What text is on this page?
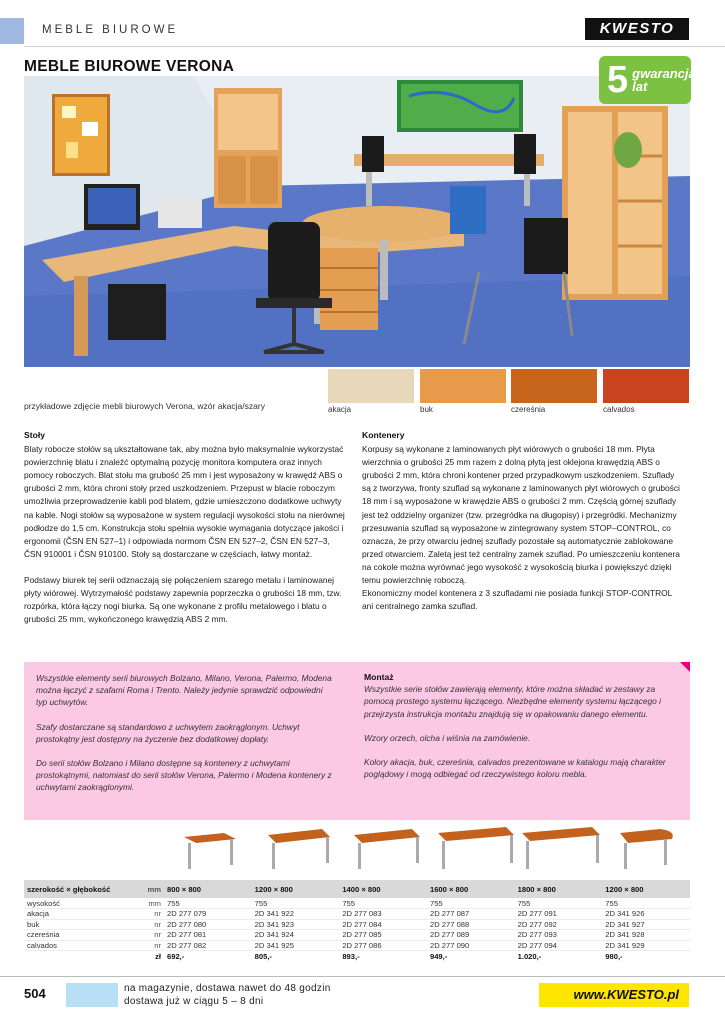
MEBLE BIUROWE	KWESTO
MEBLE BIUROWE VERONA	5 gwarancja
lat
przykładowe zdjęcie mebli biurowych Verona, wzór akacja/szary	akacja	buk	czereśnia	calvados
Stoły

Blaty robocze stołów są ukształtowane tak, aby można było maksymalnie wykorzystać powierzchnię blatu i znaleźć optymalną pozycję monitora komputera oraz innych pomocy roboczych. Blat stołu ma grubość 25 mm i jest wyposażony w krawędź ABS o grubości 2 mm, która chroni stoły przed uszkodzeniem. Przepust w blacie roboczym umożliwia przeprowadzenie kabli pod blatem, gdzie umieszczono dodatkowe uchwyty na kable. Nogi stołów są wyposażone w system regulacji wysokości stołu na nierównej podłodze do 1,5 cm. Konstrukcja stołu spełnia wysokie wymagania dotyczące jakości i ergonomii (ČSN EN 527–1) i odpowiada normom ČSN EN 527–2, ČSN EN 527–3, ČSN 910001 i ČSN 910100. Stoły są dostarczane w częściach, łatwy montaż.

Podstawy biurek tej serii odznaczają się połączeniem szarego metalu i laminowanej płyty wiórowej. Wytrzymałość podstawy zapewnia poprzeczka o grubości 18 mm, tzw. rozpórka, która łączy nogi biurka. Są one wykonane z profilu metalowego i blatu o grubości 25 mm, wykończonego krawędzią ABS 2 mm.

Kontenery

Korpusy są wykonane z laminowanych płyt wiórowych o grubości 18 mm. Płyta wierzchnia o grubości 25 mm razem z dolną płytą jest oklejona krawędzią ABS o grubości 2 mm, która chroni kontener przed przypadkowym uszkodzeniem. Szuflady są z tworzywa, fronty szuflad są wykonane z laminowanych płyt wiórowych o grubości 18 mm i są wyposażone w krawędzie ABS o grubości 2 mm. Częścią górnej szuflady jest też oddzielny organizer (tzw. przegródka na długopisy) i przegródki. Mechanizmy przesuwania szuflad są wyposażone w zintegrowany system STOP–CONTROL, co oznacza, że przy otwarciu jednej szuflady pozostałe są automatycznie zablokowane przed otwarciem. Zaletą jest też centralny zamek szuflad. Po umieszczeniu kontenera na cokole można wyrównać jego wysokość z wysokością biurka i powiększyć dzięki temu powierzchnię roboczą.

Ekonomiczny model kontenera z 3 szufladami nie posiada funkcji STOP-CONTROL ani centralnego zamka szuflad.

Wszystkie elementy serii biurowych Bolzano, Milano, Verona, Palermo, Modena można łączyć z szafami Roma i Trento. Należy jedynie sprawdzić odpowiedni typ uchwytów.

Szafy dostarczane są standardowo z uchwytem zaokrąglonym. Uchwyt prostokątny jest dostępny na życzenie bez dodatkowej dopłaty.

Do serii stołów Bolzano i Milano dostępne są kontenery z uchwytami prostokątnymi, natomiast do serii stołów Verona, Palermo i Modena kontenery z uchwytami zaokrąglonymi.

Montaż

Wszystkie serie stołów zawierają elementy, które można składać w zestawy za pomocą prostego systemu łączącego. Niezbędne elementy systemu łączącego i przejrzysta instrukcja montażu znajdują się w opakowaniu danego elementu.

Wzory orzech, olcha i wiśnia na zamówienie.

Kolory akacja, buk, czereśnia, calvados prezentowane w katalogu mają charakter poglądowy i mogą odbiegać od rzeczywistego koloru mebla.

szerokość × głębokość	mm	800 × 800	1200 × 800	1400 × 800	1600 × 800	1800 × 800	1200 × 800
wysokość	mm	755	755	755	755	755	755
akacja	nr	2D 277 079	2D 341 922	2D 277 083	2D 277 087	2D 277 091	2D 341 926
buk	nr	2D 277 080	2D 341 923	2D 277 084	2D 277 088	2D 277 092	2D 341 927
czereśnia	nr	2D 277 081	2D 341 924	2D 277 085	2D 277 089	2D 277 093	2D 341 928
calvados	nr	2D 277 082	2D 341 925	2D 277 086	2D 277 090	2D 277 094	2D 341 929
	zł	692,-	805,-	893,-	949,-	1.020,-	980,-
504	na magazynie, dostawa nawet do 48 godzin
dostawa już w ciągu 5 – 8 dni	www.KWESTO.pl
